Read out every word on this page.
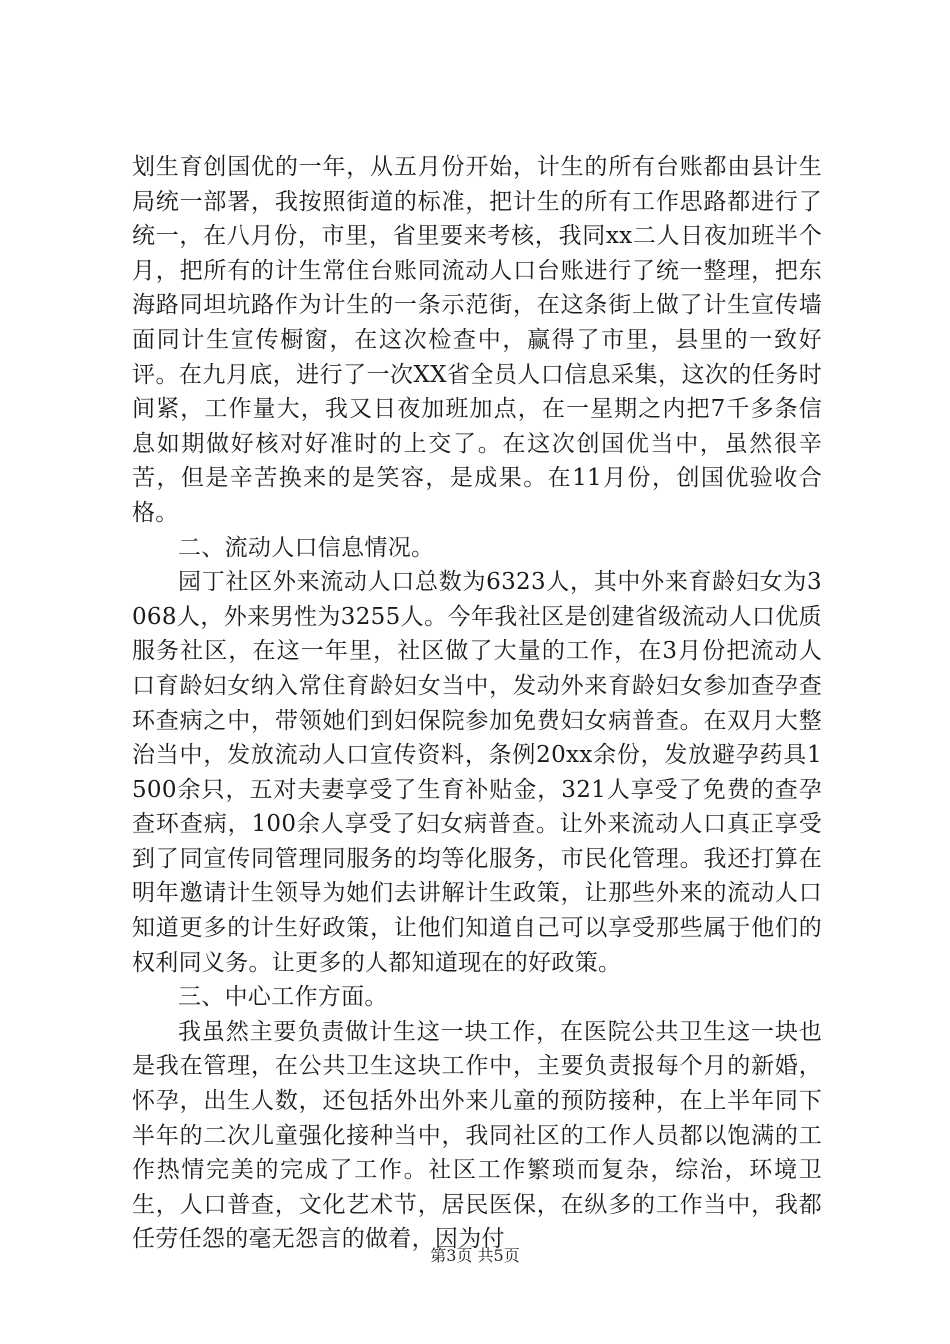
划生育创国优的一年，从五月份开始，计生的所有台账都由县计生局统一部署，我按照街道的标准，把计生的所有工作思路都进行了统一，在八月份，市里，省里要来考核，我同xx二人日夜加班半个月，把所有的计生常住台账同流动人口台账进行了统一整理，把东海路同坦坑路作为计生的一条示范街，在这条街上做了计生宣传墙面同计生宣传橱窗，在这次检查中，赢得了市里，县里的一致好评。在九月底，进行了一次XX省全员人口信息采集，这次的任务时间紧，工作量大，我又日夜加班加点，在一星期之内把7千多条信息如期做好核对好准时的上交了。在这次创国优当中，虽然很辛苦，但是辛苦换来的是笑容，是成果。在11月份，创国优验收合格。

二、流动人口信息情况。

园丁社区外来流动人口总数为6323人，其中外来育龄妇女为3068人，外来男性为3255人。今年我社区是创建省级流动人口优质服务社区，在这一年里，社区做了大量的工作，在3月份把流动人口育龄妇女纳入常住育龄妇女当中，发动外来育龄妇女参加查孕查环查病之中，带领她们到妇保院参加免费妇女病普查。在双月大整治当中，发放流动人口宣传资料，条例20xx余份，发放避孕药具1500余只，五对夫妻享受了生育补贴金，321人享受了免费的查孕查环查病，100余人享受了妇女病普查。让外来流动人口真正享受到了同宣传同管理同服务的均等化服务，市民化管理。我还打算在明年邀请计生领导为她们去讲解计生政策，让那些外来的流动人口知道更多的计生好政策，让他们知道自己可以享受那些属于他们的权利同义务。让更多的人都知道现在的好政策。

三、中心工作方面。

我虽然主要负责做计生这一块工作，在医院公共卫生这一块也是我在管理，在公共卫生这块工作中，主要负责报每个月的新婚，怀孕，出生人数，还包括外出外来儿童的预防接种，在上半年同下半年的二次儿童强化接种当中，我同社区的工作人员都以饱满的工作热情完美的完成了工作。社区工作繁琐而复杂，综治，环境卫生，人口普查，文化艺术节，居民医保，在纵多的工作当中，我都任劳任怨的毫无怨言的做着，因为付

第3页 共5页
